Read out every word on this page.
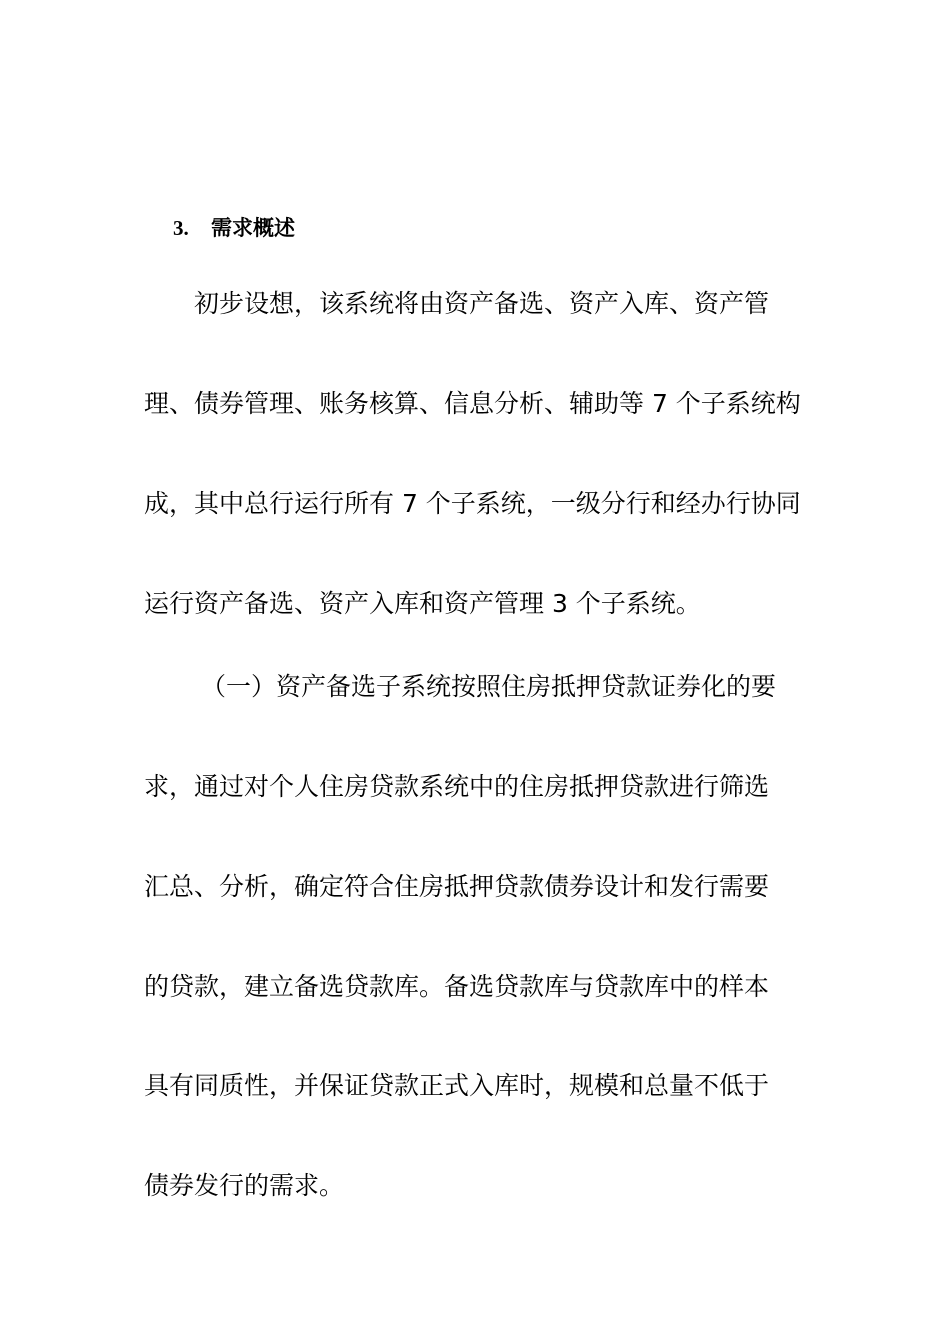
3. 需求概述
初步设想，该系统将由资产备选、资产入库、资产管
理、债券管理、账务核算、信息分析、辅助等 7 个子系统构
成，其中总行运行所有 7 个子系统，一级分行和经办行协同
运行资产备选、资产入库和资产管理 3 个子系统。
（一）资产备选子系统按照住房抵押贷款证券化的要
求，通过对个人住房贷款系统中的住房抵押贷款进行筛选
汇总、分析，确定符合住房抵押贷款债券设计和发行需要
的贷款，建立备选贷款库。备选贷款库与贷款库中的样本
具有同质性，并保证贷款正式入库时，规模和总量不低于
债券发行的需求。
